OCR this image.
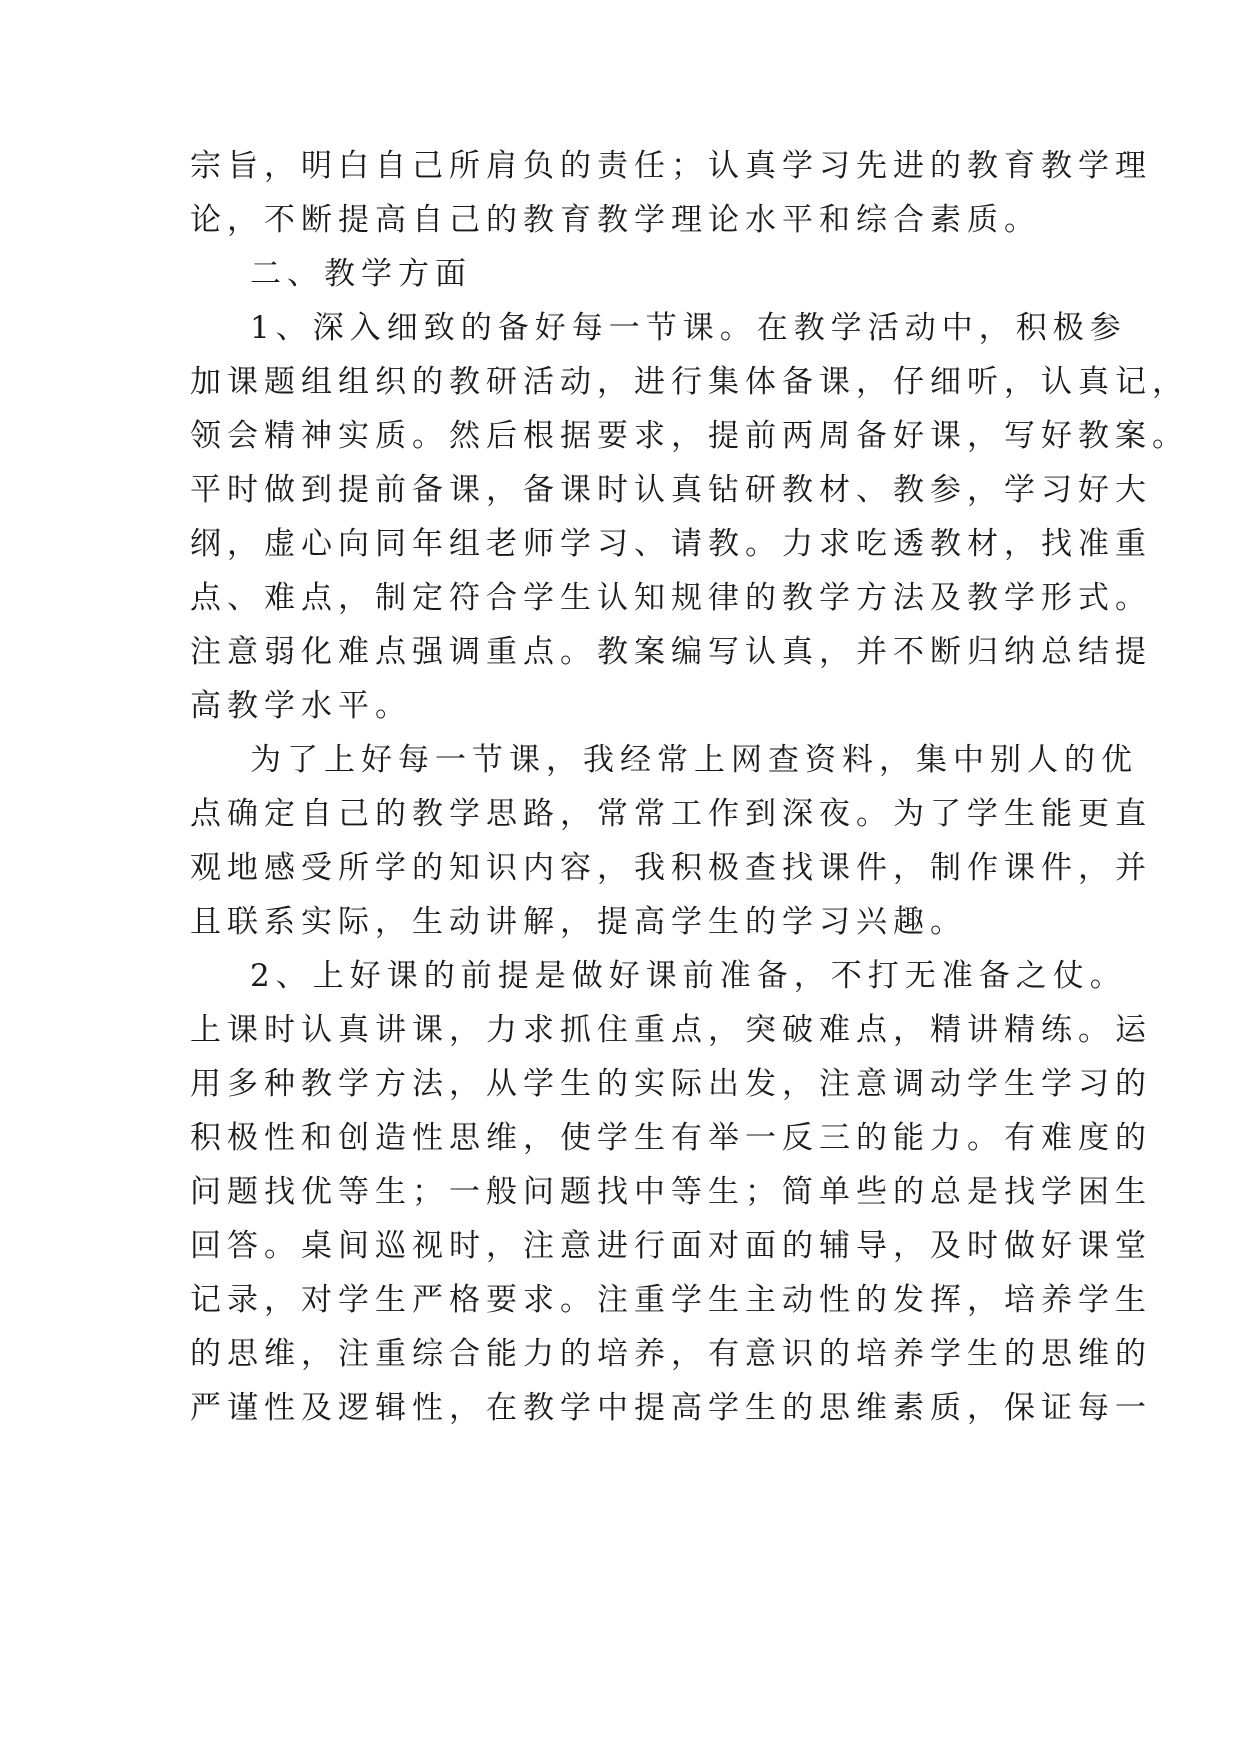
宗旨，明白自己所肩负的责任；认真学习先进的教育教学理
论，不断提高自己的教育教学理论水平和综合素质。
二、教学方面
1、深入细致的备好每一节课。在教学活动中，积极参
加课题组组织的教研活动，进行集体备课，仔细听，认真记，
领会精神实质。然后根据要求，提前两周备好课，写好教案。
平时做到提前备课，备课时认真钻研教材、教参，学习好大
纲，虚心向同年组老师学习、请教。力求吃透教材，找准重
点、难点，制定符合学生认知规律的教学方法及教学形式。
注意弱化难点强调重点。教案编写认真，并不断归纳总结提
高教学水平。
为了上好每一节课，我经常上网查资料，集中别人的优
点确定自己的教学思路，常常工作到深夜。为了学生能更直
观地感受所学的知识内容，我积极查找课件，制作课件，并
且联系实际，生动讲解，提高学生的学习兴趣。
2、上好课的前提是做好课前准备，不打无准备之仗。
上课时认真讲课，力求抓住重点，突破难点，精讲精练。运
用多种教学方法，从学生的实际出发，注意调动学生学习的
积极性和创造性思维，使学生有举一反三的能力。有难度的
问题找优等生；一般问题找中等生；简单些的总是找学困生
回答。桌间巡视时，注意进行面对面的辅导，及时做好课堂
记录，对学生严格要求。注重学生主动性的发挥，培养学生
的思维，注重综合能力的培养，有意识的培养学生的思维的
严谨性及逻辑性，在教学中提高学生的思维素质，保证每一
